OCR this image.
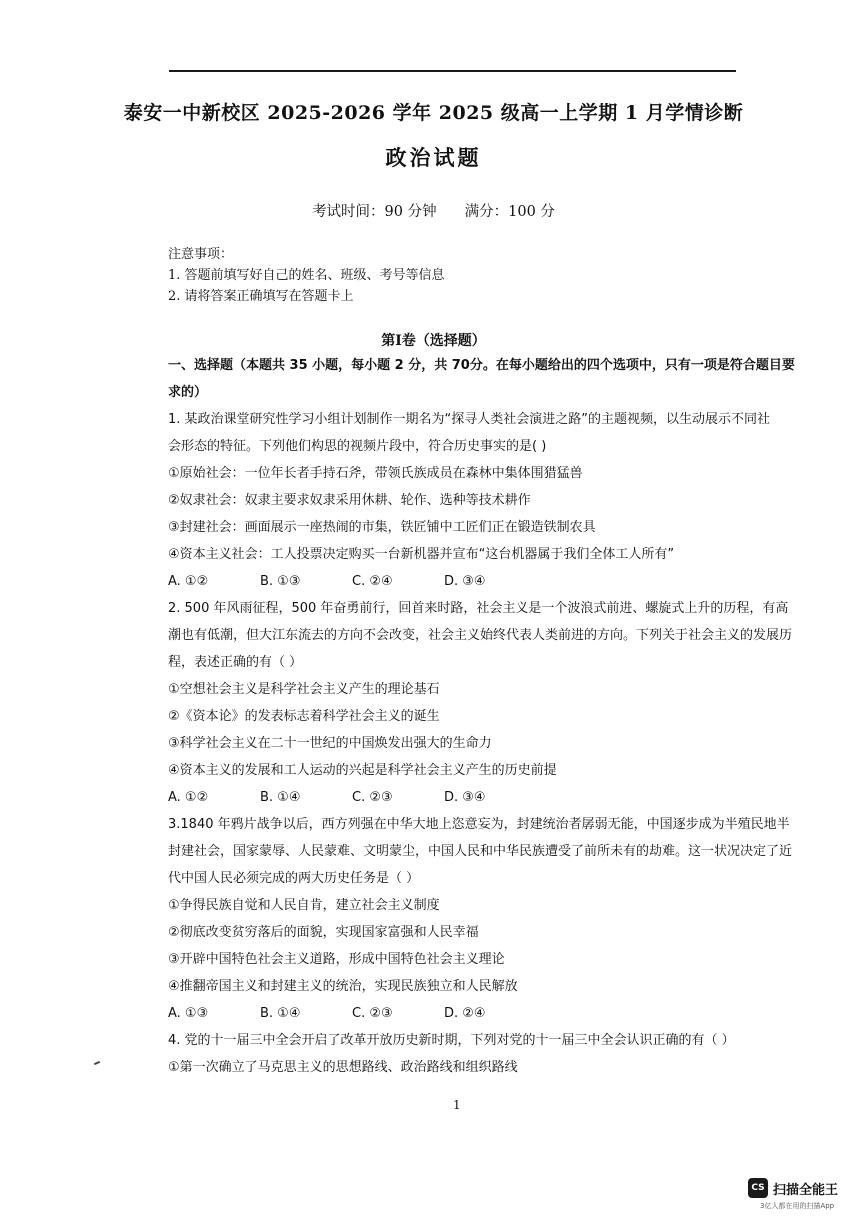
泰安一中新校区 2025-2026 学年 2025 级高一上学期 1 月学情诊断
政治试题
考试时间：90 分钟 满分：100 分

注意事项：

1. 答题前填写好自己的姓名、班级、考号等信息

2. 请将答案正确填写在答题卡上

第Ⅰ卷（选择题）

一、选择题（本题共 35 小题，每小题 2 分，共 70分。在每小题给出的四个选项中，只有一项是符合题目要

求的）

1. 某政治课堂研究性学习小组计划制作一期名为“探寻人类社会演进之路”的主题视频，以生动展示不同社

会形态的特征。下列他们构思的视频片段中，符合历史事实的是( )

①原始社会：一位年长者手持石斧，带领氏族成员在森林中集体围猎猛兽

②奴隶社会：奴隶主要求奴隶采用休耕、轮作、选种等技术耕作

③封建社会：画面展示一座热闹的市集，铁匠铺中工匠们正在锻造铁制农具

④资本主义社会：工人投票决定购买一台新机器并宣布“这台机器属于我们全体工人所有”

A. ①②	B. ①③	C. ②④	D. ③④

2. 500 年风雨征程，500 年奋勇前行，回首来时路，社会主义是一个波浪式前进、螺旋式上升的历程，有高

潮也有低潮，但大江东流去的方向不会改变，社会主义始终代表人类前进的方向。下列关于社会主义的发展历

程，表述正确的有（ ）

①空想社会主义是科学社会主义产生的理论基石

②《资本论》的发表标志着科学社会主义的诞生

③科学社会主义在二十一世纪的中国焕发出强大的生命力

④资本主义的发展和工人运动的兴起是科学社会主义产生的历史前提

A. ①②	B. ①④	C. ②③	D. ③④

3.1840 年鸦片战争以后，西方列强在中华大地上恣意妄为，封建统治者孱弱无能，中国逐步成为半殖民地半

封建社会，国家蒙辱、人民蒙难、文明蒙尘，中国人民和中华民族遭受了前所未有的劫难。这一状况决定了近

代中国人民必须完成的两大历史任务是（ ）

①争得民族自觉和人民自肯，建立社会主义制度

②彻底改变贫穷落后的面貌，实现国家富强和人民幸福

③开辟中国特色社会主义道路，形成中国特色社会主义理论

④推翻帝国主义和封建主义的统治，实现民族独立和人民解放

A. ①③	B. ①④	C. ②③	D. ②④

4. 党的十一届三中全会开启了改革开放历史新时期，下列对党的十一届三中全会认识正确的有（ ）

①第一次确立了马克思主义的思想路线、政治路线和组织路线

1
CS 扫描全能王
3亿人都在用的扫描App
